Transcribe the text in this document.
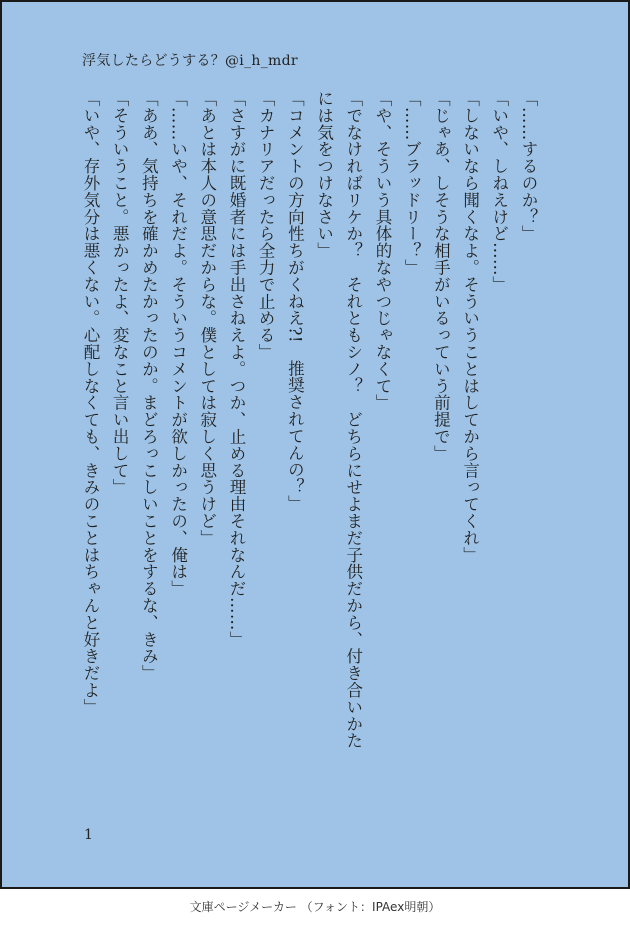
浮気したらどうする？@i_h_mdr
「……するのか？」
「いや、しねえけど……」
「しないなら聞くなよ。そういうことはしてから言ってくれ」
「じゃあ、しそうな相手がいるっていう前提で」
「……ブラッドリー？」
「や、そういう具体的なやつじゃなくて」
「でなければリケか？　それともシノ？　どちらにせよまだ子供だから、付き合いかた
には気をつけなさい」
「コメントの方向性ちがくねえ?!　推奨されてんの？」
「カナリアだったら全力で止める」
「さすがに既婚者には手出さねえよ。つか、止める理由それなんだ……」
「あとは本人の意思だからな。僕としては寂しく思うけど」
「……いや、それだよ。そういうコメントが欲しかったの、俺は」
「ああ、気持ちを確かめたかったのか。まどろっこしいことをするな、きみ」
「そういうこと。悪かったよ、変なこと言い出して」
「いや、存外気分は悪くない。心配しなくても、きみのことはちゃんと好きだよ」
1
文庫ページメーカー （フォント：IPAex明朝）
